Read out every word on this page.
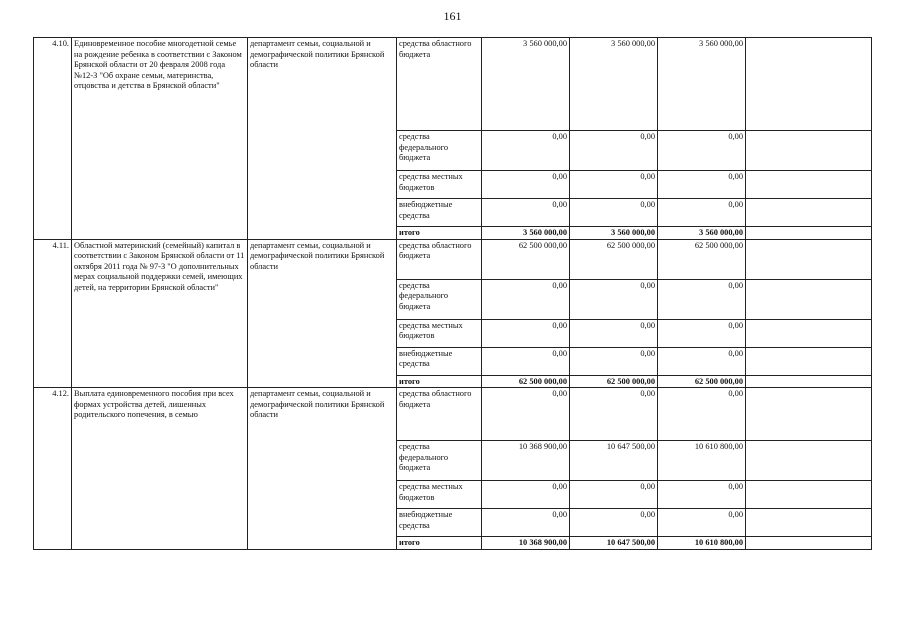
161
4.10.	Единовременное пособие многодетной семье на рождение ребенка в соответствии с Законом Брянской области от 20 февраля 2008 года №12-З "Об охране семьи, материнства, отцовства и детства в Брянской области"	департамент семьи, социальной и демографической политики Брянской области	средства областного бюджета	3 560 000,00	3 560 000,00	3 560 000,00	
			средства федерального бюджета	0,00	0,00	0,00	
			средства местных бюджетов	0,00	0,00	0,00	
			внебюджетные средства	0,00	0,00	0,00	
			итого	3 560 000,00	3 560 000,00	3 560 000,00	
4.11.	Областной материнский (семейный) капитал в соответствии с Законом Брянской области от 11 октября 2011 года № 97-З "О дополнительных мерах социальной поддержки семей, имеющих детей, на территории Брянской области"	департамент семьи, социальной и демографической политики Брянской области	средства областного бюджета	62 500 000,00	62 500 000,00	62 500 000,00	
			средства федерального бюджета	0,00	0,00	0,00	
			средства местных бюджетов	0,00	0,00	0,00	
			внебюджетные средства	0,00	0,00	0,00	
			итого	62 500 000,00	62 500 000,00	62 500 000,00	
4.12.	Выплата единовременного пособия при всех формах устройства детей, лишенных родительского попечения, в семью	департамент семьи, социальной и демографической политики Брянской области	средства областного бюджета	0,00	0,00	0,00	
			средства федерального бюджета	10 368 900,00	10 647 500,00	10 610 800,00	
			средства местных бюджетов	0,00	0,00	0,00	
			внебюджетные средства	0,00	0,00	0,00	
			итого	10 368 900,00	10 647 500,00	10 610 800,00	
